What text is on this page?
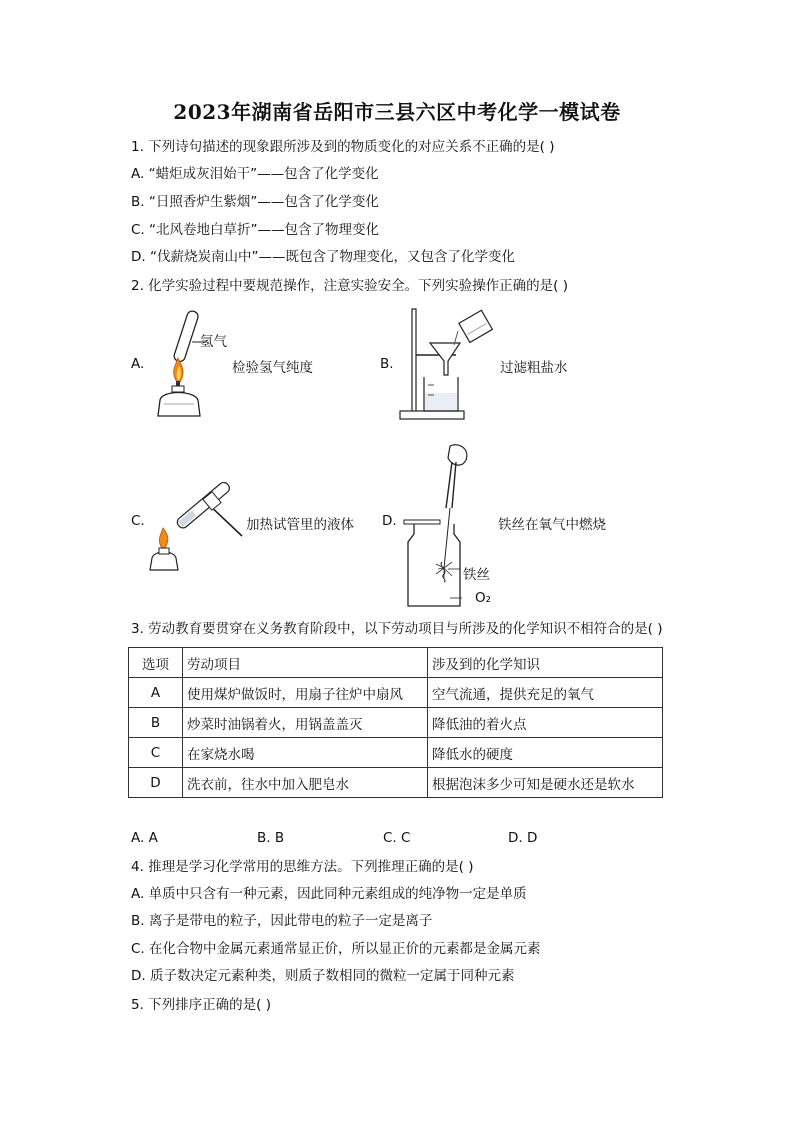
2023年湖南省岳阳市三县六区中考化学一模试卷
1. 下列诗句描述的现象跟所涉及到的物质变化的对应关系不正确的是( )
A. “蜡炬成灰泪始干”——包含了化学变化
B. “日照香炉生紫烟”——包含了化学变化
C. “北风卷地白草折”——包含了物理变化
D. “伐薪烧炭南山中”——既包含了物理变化，又包含了化学变化
2. 化学实验过程中要规范操作，注意实验安全。下列实验操作正确的是( )
A.
氢气
检验氢气纯度	B.	过滤粗盐水
C.	加热试管里的液体 D.
铁丝
O₂
铁丝在氧气中燃烧
3. 劳动教育要贯穿在义务教育阶段中，以下劳动项目与所涉及的化学知识不相符合的是( )
选项	劳动项目	涉及到的化学知识
A	使用煤炉做饭时，用扇子往炉中扇风	空气流通，提供充足的氧气
B	炒菜时油锅着火，用锅盖盖灭	降低油的着火点
C	在家烧水喝	降低水的硬度
D	洗衣前，往水中加入肥皂水	根据泡沫多少可知是硬水还是软水
A. A	B. B	C. C	D. D
4. 推理是学习化学常用的思维方法。下列推理正确的是( )
A. 单质中只含有一种元素，因此同种元素组成的纯净物一定是单质
B. 离子是带电的粒子，因此带电的粒子一定是离子
C. 在化合物中金属元素通常显正价，所以显正价的元素都是金属元素
D. 质子数决定元素种类，则质子数相同的微粒一定属于同种元素
5. 下列排序正确的是( )
